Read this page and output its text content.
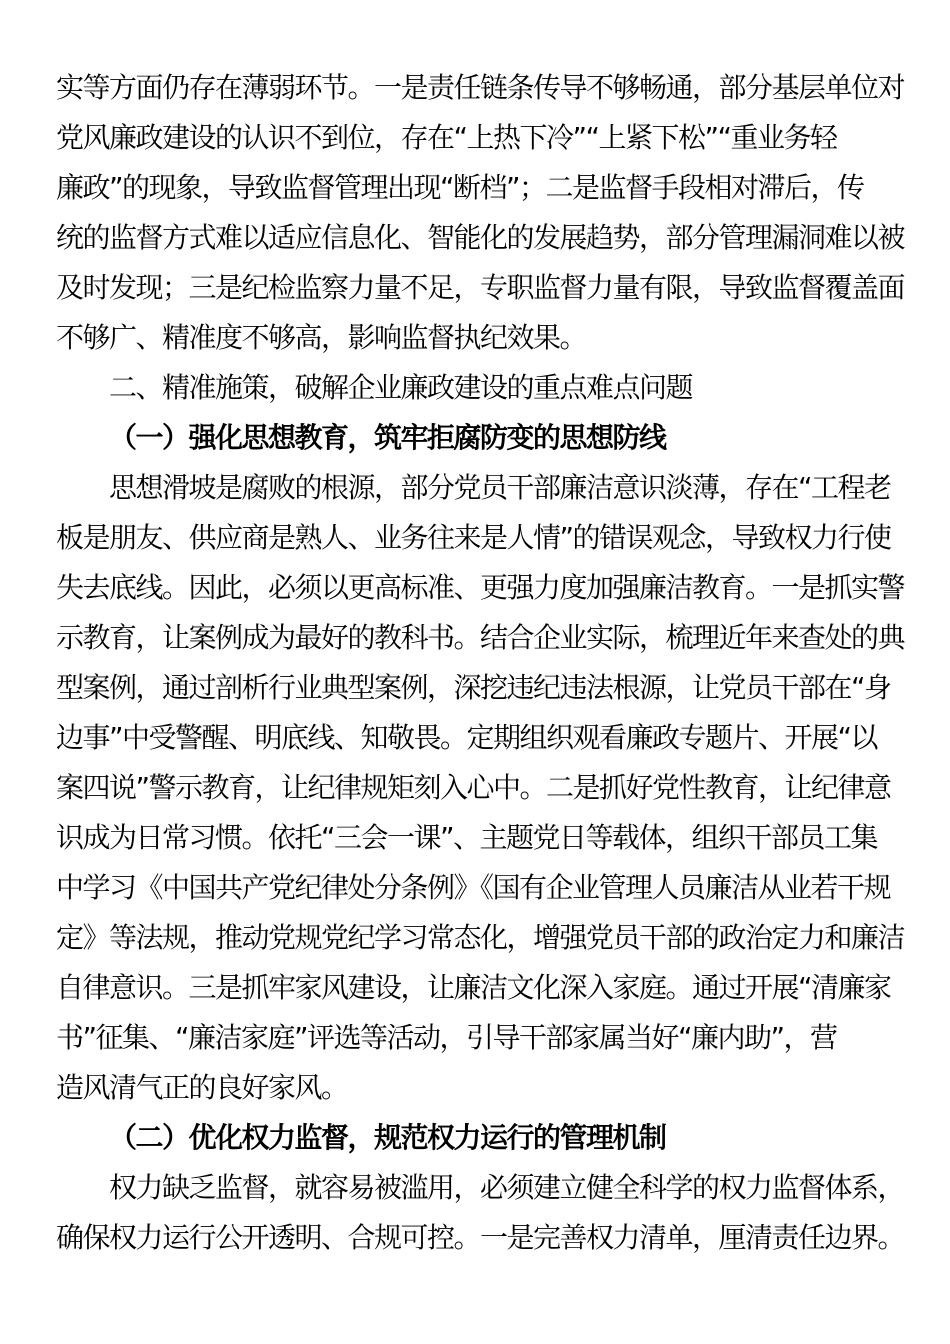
实等方面仍存在薄弱环节。一是责任链条传导不够畅通，部分基层单位对
党风廉政建设的认识不到位，存在“上热下冷”“上紧下松”“重业务轻
廉政”的现象，导致监督管理出现“断档”；二是监督手段相对滞后，传
统的监督方式难以适应信息化、智能化的发展趋势，部分管理漏洞难以被
及时发现；三是纪检监察力量不足，专职监督力量有限，导致监督覆盖面
不够广、精准度不够高，影响监督执纪效果。
二、精准施策，破解企业廉政建设的重点难点问题
（一）强化思想教育，筑牢拒腐防变的思想防线
思想滑坡是腐败的根源，部分党员干部廉洁意识淡薄，存在“工程老
板是朋友、供应商是熟人、业务往来是人情”的错误观念，导致权力行使
失去底线。因此，必须以更高标准、更强力度加强廉洁教育。一是抓实警
示教育，让案例成为最好的教科书。结合企业实际，梳理近年来查处的典
型案例，通过剖析行业典型案例，深挖违纪违法根源，让党员干部在“身
边事”中受警醒、明底线、知敬畏。定期组织观看廉政专题片、开展“以
案四说”警示教育，让纪律规矩刻入心中。二是抓好党性教育，让纪律意
识成为日常习惯。依托“三会一课”、主题党日等载体，组织干部员工集
中学习《中国共产党纪律处分条例》《国有企业管理人员廉洁从业若干规
定》等法规，推动党规党纪学习常态化，增强党员干部的政治定力和廉洁
自律意识。三是抓牢家风建设，让廉洁文化深入家庭。通过开展“清廉家
书”征集、“廉洁家庭”评选等活动，引导干部家属当好“廉内助”，营
造风清气正的良好家风。
（二）优化权力监督，规范权力运行的管理机制
权力缺乏监督，就容易被滥用，必须建立健全科学的权力监督体系，
确保权力运行公开透明、合规可控。一是完善权力清单，厘清责任边界。
